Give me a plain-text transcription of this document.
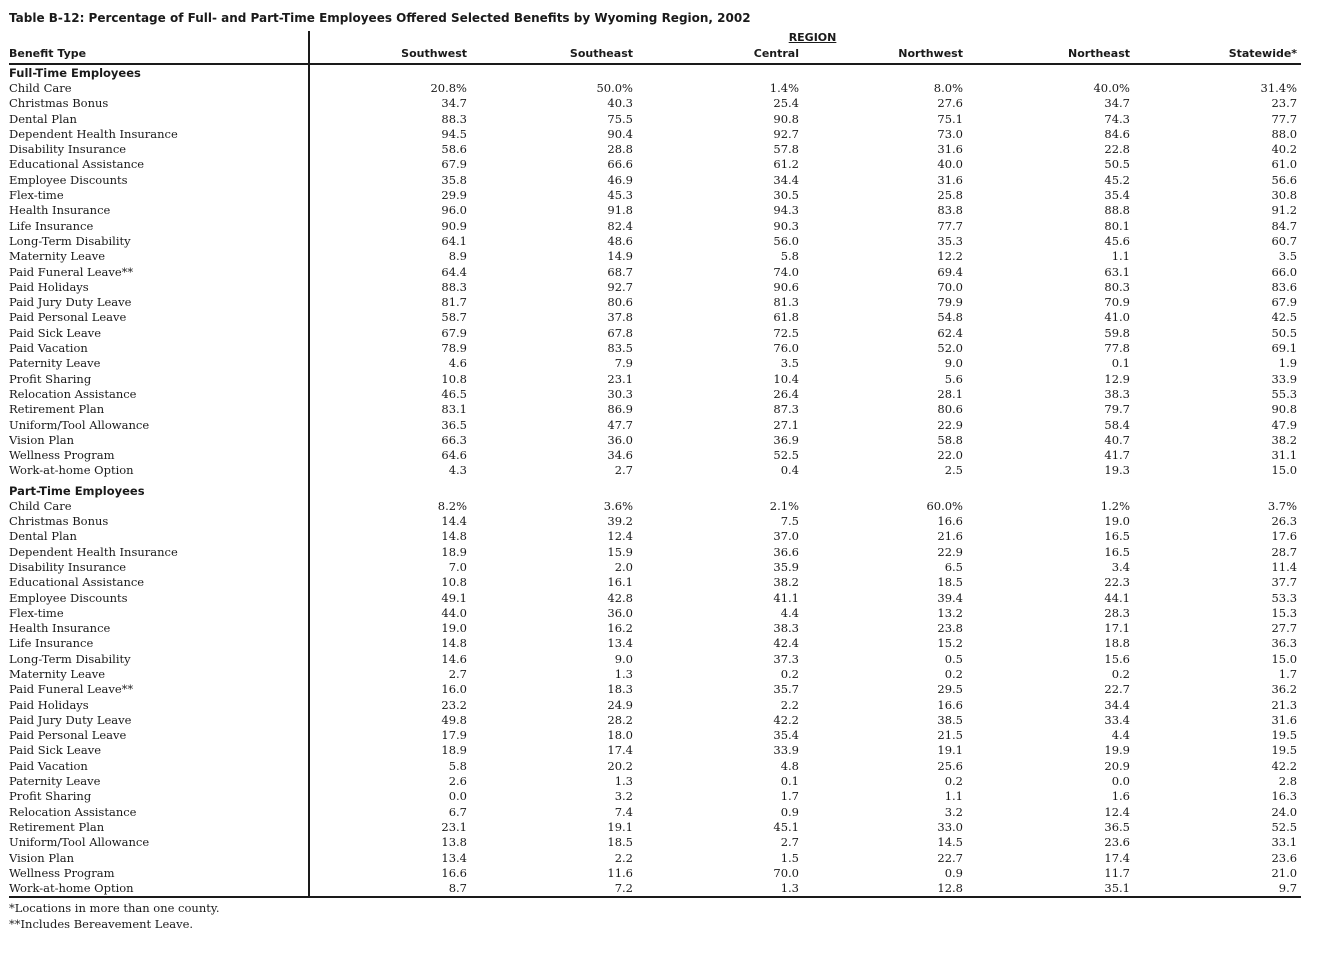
Table B-12: Percentage of Full- and Part-Time Employees Offered Selected Benefits by Wyoming Region, 2002
	REGION					
Benefit Type	Southwest	Southeast	Central	Northwest	Northeast	Statewide*
Full-Time Employees						
Child Care	20.8%	50.0%	1.4%	8.0%	40.0%	31.4%
Christmas Bonus	34.7	40.3	25.4	27.6	34.7	23.7
Dental Plan	88.3	75.5	90.8	75.1	74.3	77.7
Dependent Health Insurance	94.5	90.4	92.7	73.0	84.6	88.0
Disability Insurance	58.6	28.8	57.8	31.6	22.8	40.2
Educational Assistance	67.9	66.6	61.2	40.0	50.5	61.0
Employee Discounts	35.8	46.9	34.4	31.6	45.2	56.6
Flex-time	29.9	45.3	30.5	25.8	35.4	30.8
Health Insurance	96.0	91.8	94.3	83.8	88.8	91.2
Life Insurance	90.9	82.4	90.3	77.7	80.1	84.7
Long-Term Disability	64.1	48.6	56.0	35.3	45.6	60.7
Maternity Leave	8.9	14.9	5.8	12.2	1.1	3.5
Paid Funeral Leave**	64.4	68.7	74.0	69.4	63.1	66.0
Paid Holidays	88.3	92.7	90.6	70.0	80.3	83.6
Paid Jury Duty Leave	81.7	80.6	81.3	79.9	70.9	67.9
Paid Personal Leave	58.7	37.8	61.8	54.8	41.0	42.5
Paid Sick Leave	67.9	67.8	72.5	62.4	59.8	50.5
Paid Vacation	78.9	83.5	76.0	52.0	77.8	69.1
Paternity Leave	4.6	7.9	3.5	9.0	0.1	1.9
Profit Sharing	10.8	23.1	10.4	5.6	12.9	33.9
Relocation Assistance	46.5	30.3	26.4	28.1	38.3	55.3
Retirement Plan	83.1	86.9	87.3	80.6	79.7	90.8
Uniform/Tool Allowance	36.5	47.7	27.1	22.9	58.4	47.9
Vision Plan	66.3	36.0	36.9	58.8	40.7	38.2
Wellness Program	64.6	34.6	52.5	22.0	41.7	31.1
Work-at-home Option	4.3	2.7	0.4	2.5	19.3	15.0
Part-Time Employees						
Child Care	8.2%	3.6%	2.1%	60.0%	1.2%	3.7%
Christmas Bonus	14.4	39.2	7.5	16.6	19.0	26.3
Dental Plan	14.8	12.4	37.0	21.6	16.5	17.6
Dependent Health Insurance	18.9	15.9	36.6	22.9	16.5	28.7
Disability Insurance	7.0	2.0	35.9	6.5	3.4	11.4
Educational Assistance	10.8	16.1	38.2	18.5	22.3	37.7
Employee Discounts	49.1	42.8	41.1	39.4	44.1	53.3
Flex-time	44.0	36.0	4.4	13.2	28.3	15.3
Health Insurance	19.0	16.2	38.3	23.8	17.1	27.7
Life Insurance	14.8	13.4	42.4	15.2	18.8	36.3
Long-Term Disability	14.6	9.0	37.3	0.5	15.6	15.0
Maternity Leave	2.7	1.3	0.2	0.2	0.2	1.7
Paid Funeral Leave**	16.0	18.3	35.7	29.5	22.7	36.2
Paid Holidays	23.2	24.9	2.2	16.6	34.4	21.3
Paid Jury Duty Leave	49.8	28.2	42.2	38.5	33.4	31.6
Paid Personal Leave	17.9	18.0	35.4	21.5	4.4	19.5
Paid Sick Leave	18.9	17.4	33.9	19.1	19.9	19.5
Paid Vacation	5.8	20.2	4.8	25.6	20.9	42.2
Paternity Leave	2.6	1.3	0.1	0.2	0.0	2.8
Profit Sharing	0.0	3.2	1.7	1.1	1.6	16.3
Relocation Assistance	6.7	7.4	0.9	3.2	12.4	24.0
Retirement Plan	23.1	19.1	45.1	33.0	36.5	52.5
Uniform/Tool Allowance	13.8	18.5	2.7	14.5	23.6	33.1
Vision Plan	13.4	2.2	1.5	22.7	17.4	23.6
Wellness Program	16.6	11.6	70.0	0.9	11.7	21.0
Work-at-home Option	8.7	7.2	1.3	12.8	35.1	9.7
*Locations in more than one county.
**Includes Bereavement Leave.
